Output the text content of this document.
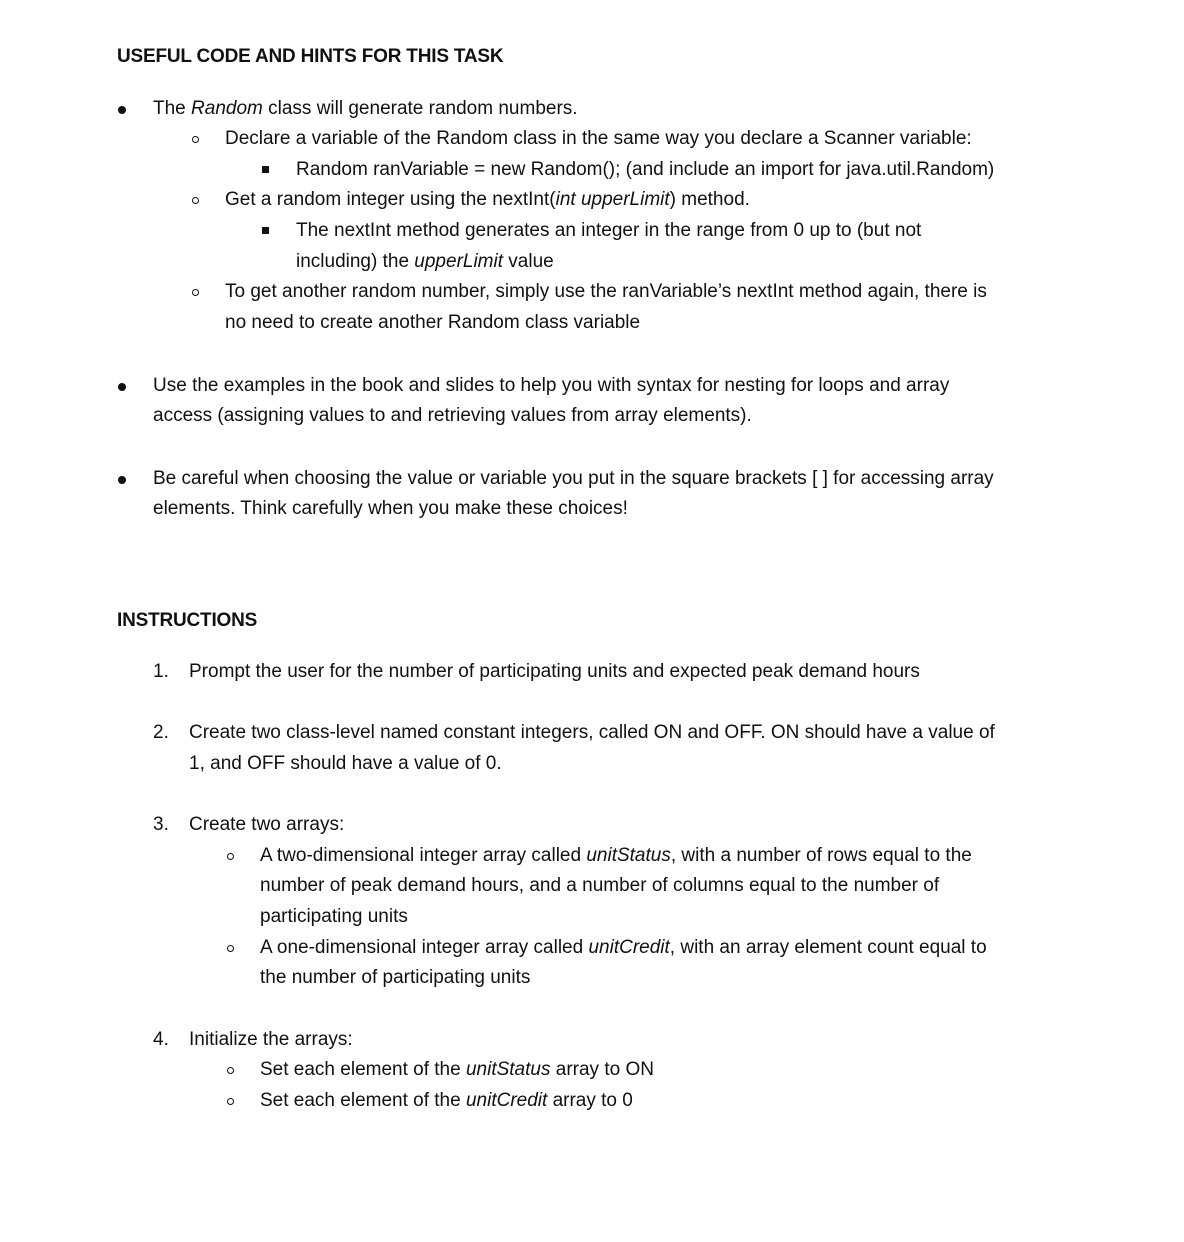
USEFUL CODE AND HINTS FOR THIS TASK
The Random class will generate random numbers.
Declare a variable of the Random class in the same way you declare a Scanner variable:
Random ranVariable = new Random(); (and include an import for java.util.Random)
Get a random integer using the nextInt(int upperLimit) method.
The nextInt method generates an integer in the range from 0 up to (but not
including) the upperLimit value
To get another random number, simply use the ranVariable’s nextInt method again, there is
no need to create another Random class variable
Use the examples in the book and slides to help you with syntax for nesting for loops and array
access (assigning values to and retrieving values from array elements).
Be careful when choosing the value or variable you put in the square brackets [ ] for accessing array
elements. Think carefully when you make these choices!
INSTRUCTIONS
1. Prompt the user for the number of participating units and expected peak demand hours
2. Create two class-level named constant integers, called ON and OFF. ON should have a value of
1, and OFF should have a value of 0.
3. Create two arrays:
A two-dimensional integer array called unitStatus, with a number of rows equal to the
number of peak demand hours, and a number of columns equal to the number of
participating units
A one-dimensional integer array called unitCredit, with an array element count equal to
the number of participating units
4. Initialize the arrays:
Set each element of the unitStatus array to ON
Set each element of the unitCredit array to 0
